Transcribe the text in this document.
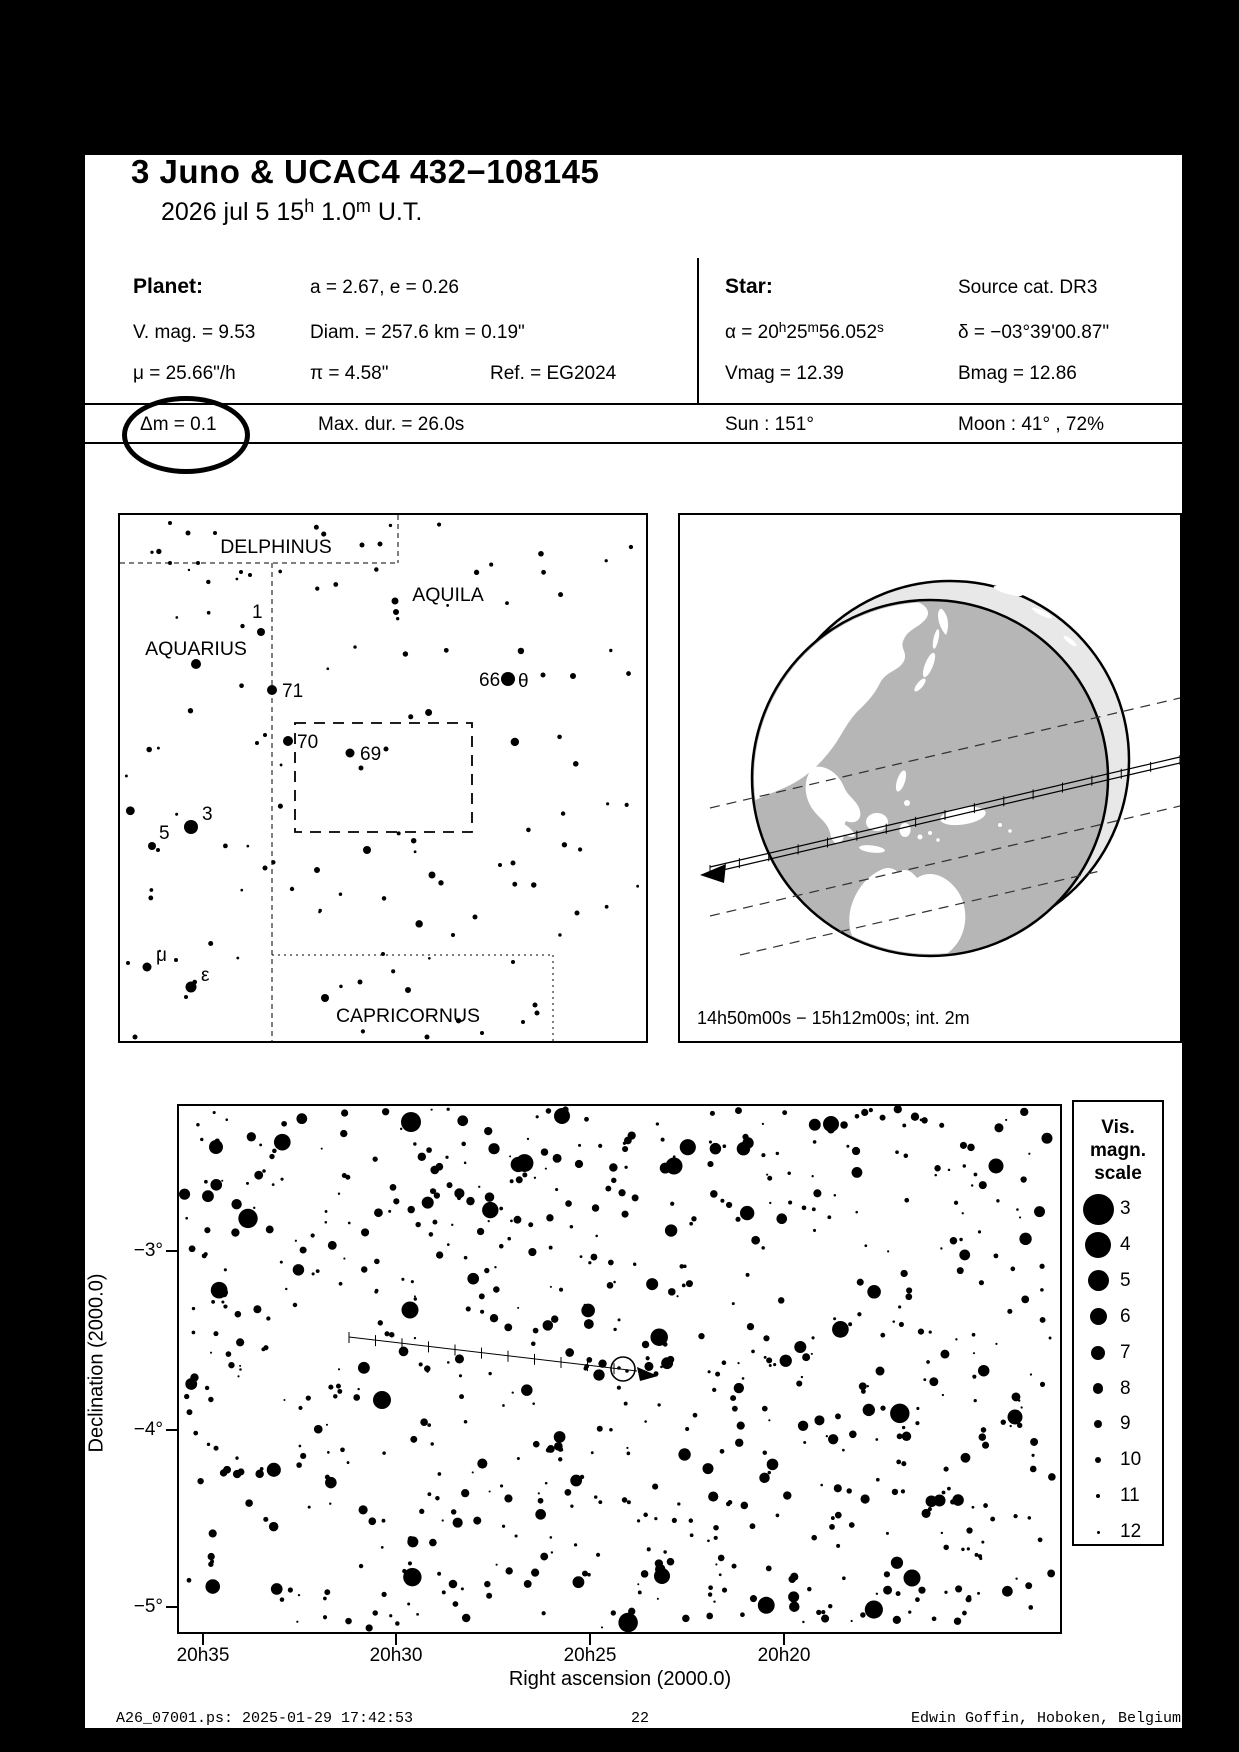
3 Juno & UCAC4 432−108145
2026 jul 5 15$^h$ 1.0$^m$ U.T.
Planet:	a = 2.67, e = 0.26
V. mag. = 9.53	Diam. = 257.6 km = 0.19"
μ = 25.66"/h	π = 4.58"	Ref. = EG2024
Star:	Source cat. DR3
$\alpha = 20^h25^m56.052^s$	δ = −03°39'00.87"
Vmag = 12.39	Bmag = 12.86
Δm = 0.1	Max. dur. = 26.0s	Sun : 151°	Moon : 41° , 72%
1
71
70
69
66 θ
3
5
μ
ε
DELPHINUS
AQUILA
AQUARIUS
CAPRICORNUS	14h50m00s − 15h12m00s; int. 2m
Right ascension (2000.0)
Declination (2000.0)
Vis.
magn.
scale
3
4
5
6
7
8
9
10
11
12
A26_07001.ps: 2025-01-29 17:42:53	22	Edwin Goffin, Hoboken, Belgium
20h35	20h30	20h25	20h20
−3°
−4°
−5°
